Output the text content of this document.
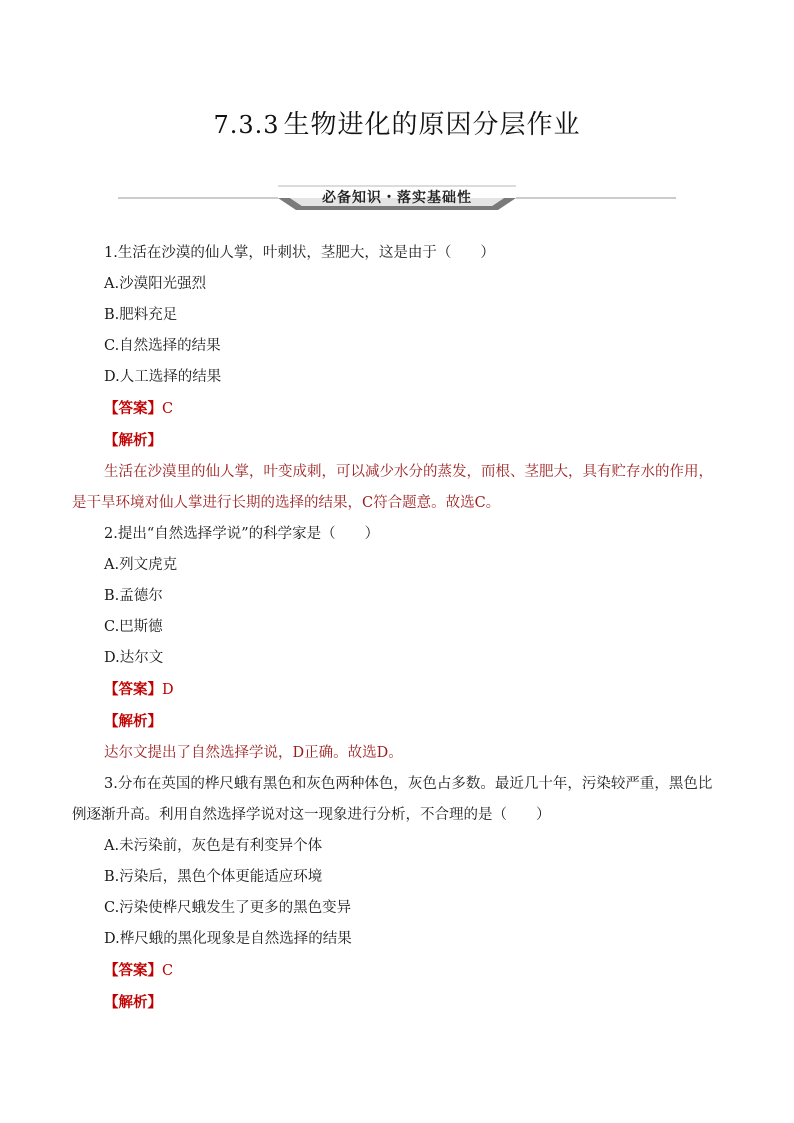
7.3.3 生物进化的原因分层作业
必备知识・落实基础性

1.生活在沙漠的仙人掌，叶刺状，茎肥大，这是由于（　　）

A.沙漠阳光强烈

B.肥料充足

C.自然选择的结果

D.人工选择的结果

【答案】C

【解析】

生活在沙漠里的仙人掌，叶变成刺，可以减少水分的蒸发，而根、茎肥大，具有贮存水的作用，是干旱环境对仙人掌进行长期的选择的结果，C符合题意。故选C。

2.提出“自然选择学说”的科学家是（　　）

A.列文虎克

B.孟德尔

C.巴斯德

D.达尔文

【答案】D

【解析】

达尔文提出了自然选择学说，D正确。故选D。

3.分布在英国的桦尺蛾有黑色和灰色两种体色，灰色占多数。最近几十年，污染较严重，黑色比例逐渐升高。利用自然选择学说对这一现象进行分析，不合理的是（　　）

A.未污染前，灰色是有利变异个体

B.污染后，黑色个体更能适应环境

C.污染使桦尺蛾发生了更多的黑色变异

D.桦尺蛾的黑化现象是自然选择的结果

【答案】C

【解析】
